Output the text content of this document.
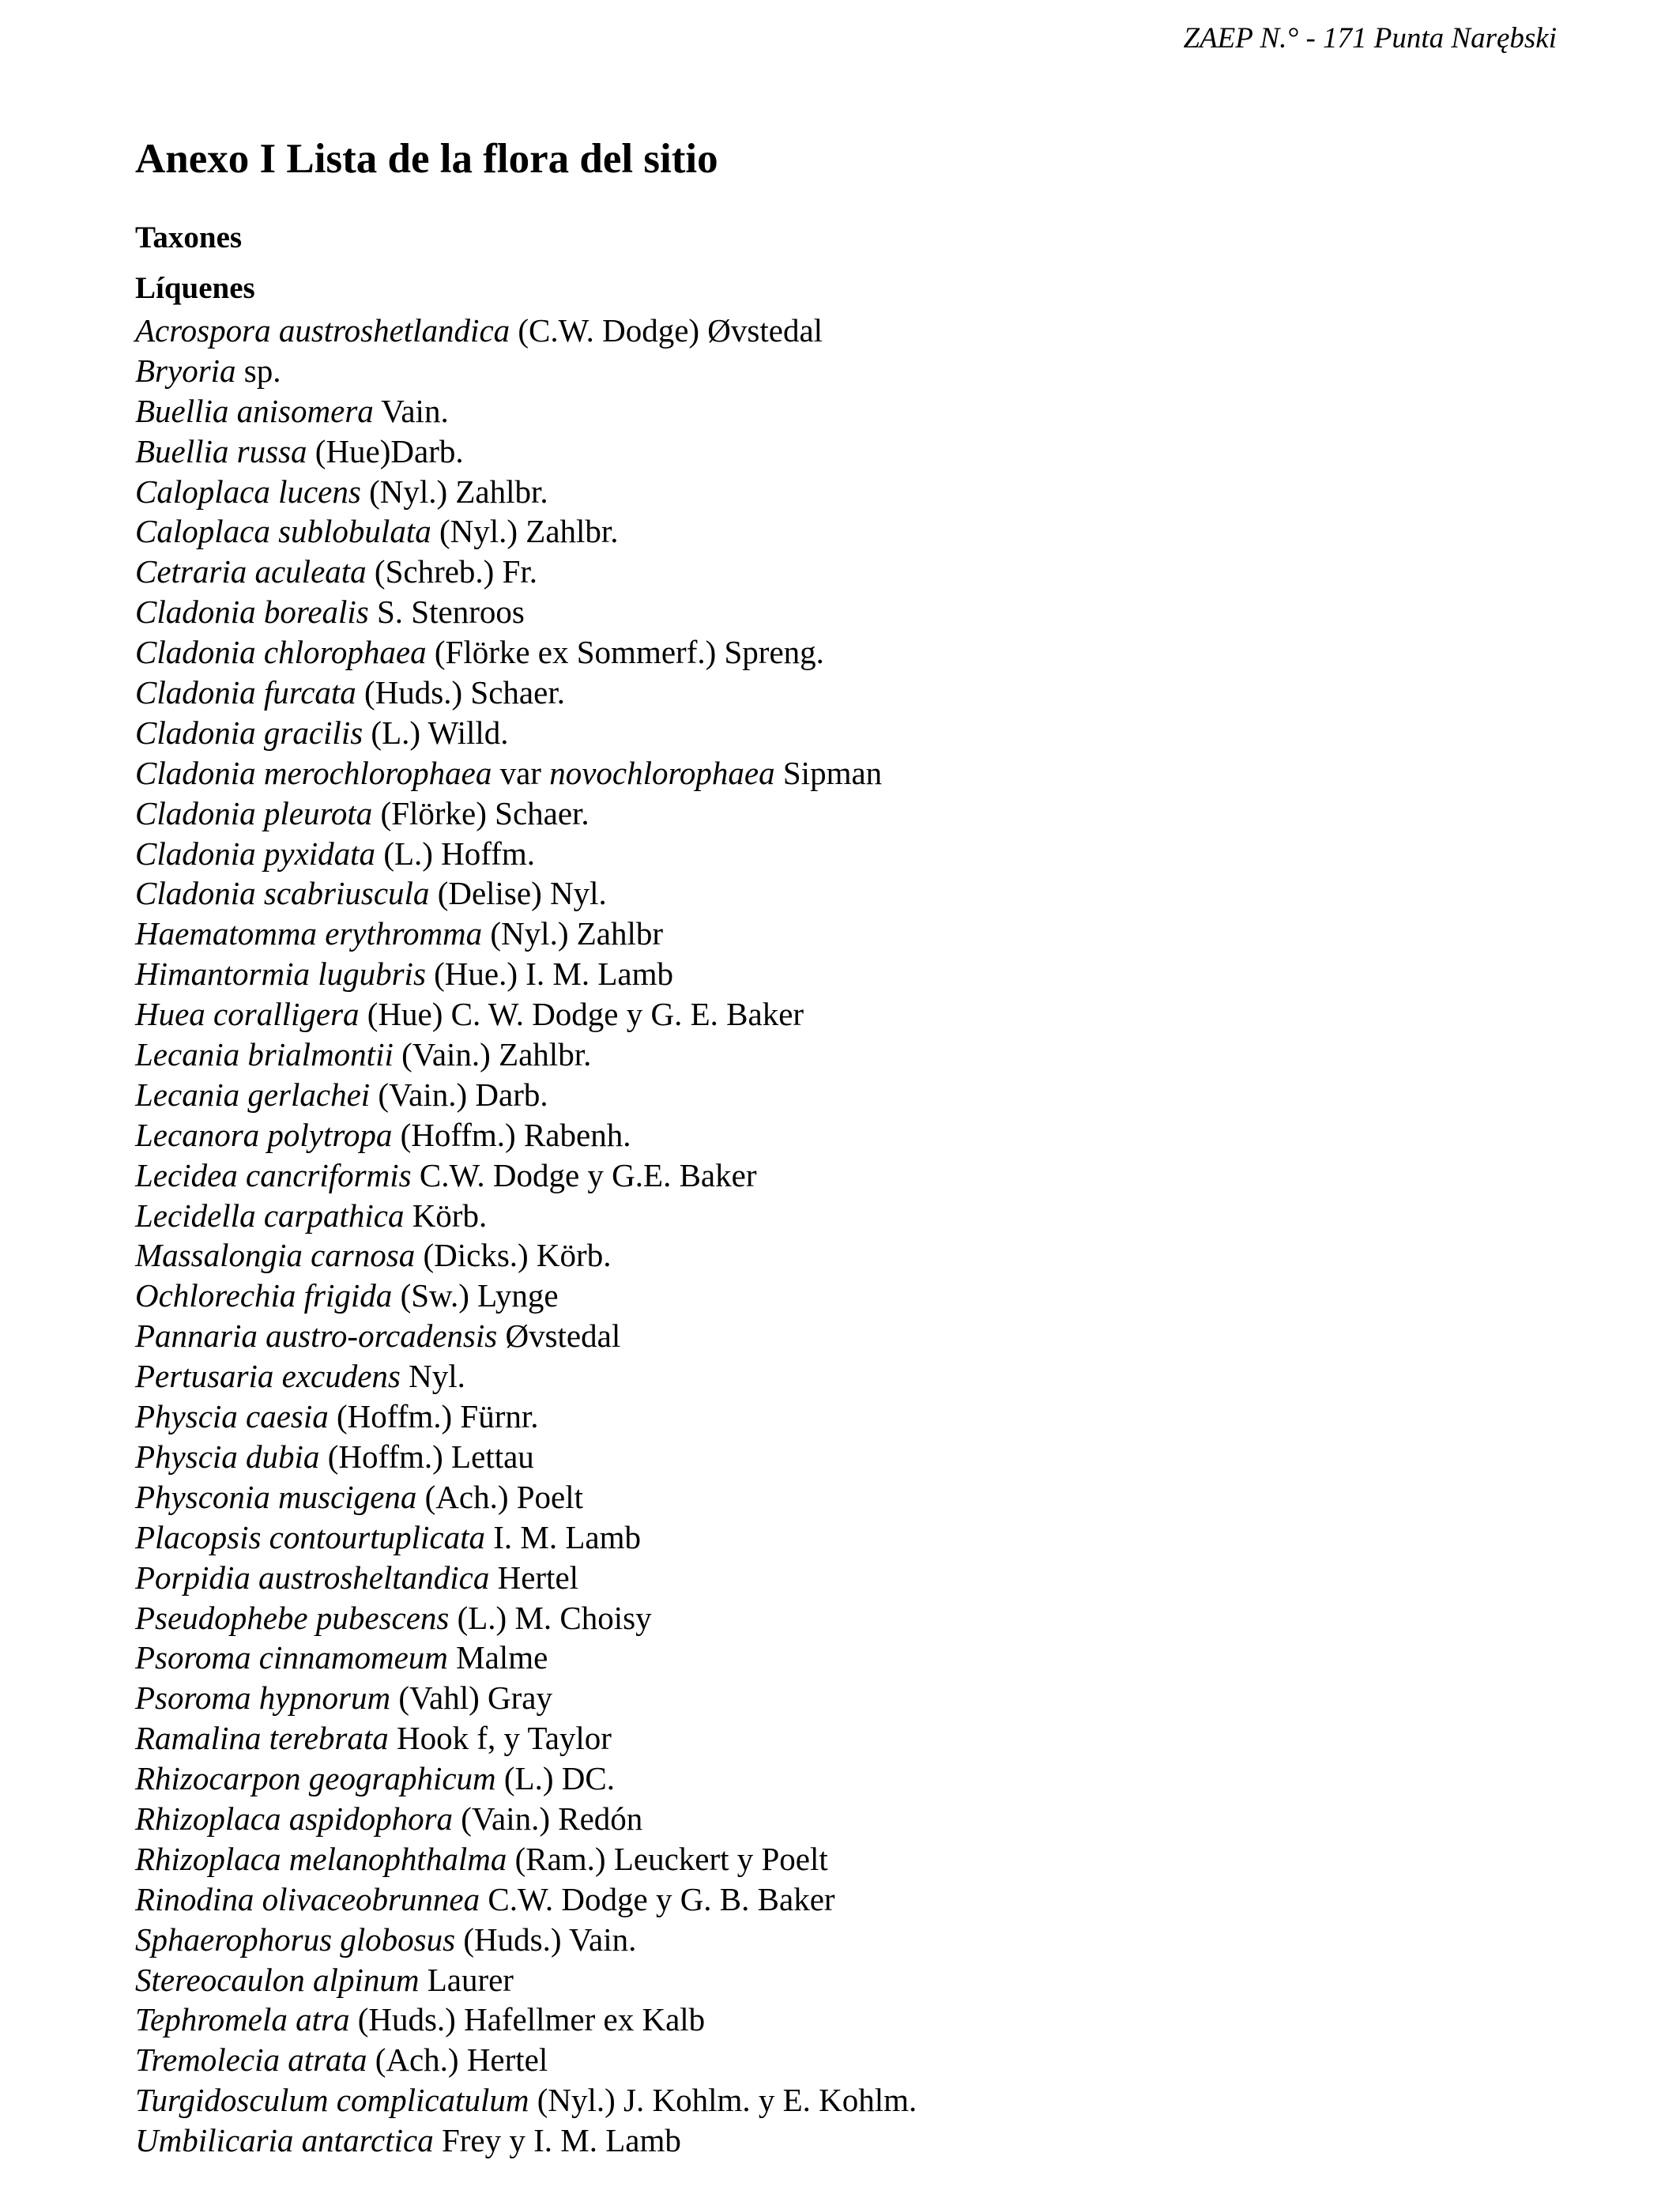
ZAEP N.° - 171 Punta Narębski
Anexo I Lista de la flora del sitio
Taxones
Líquenes
Acrospora austroshetlandica (C.W. Dodge) Øvstedal
Bryoria sp.
Buellia anisomera Vain.
Buellia russa (Hue)Darb.
Caloplaca lucens (Nyl.) Zahlbr.
Caloplaca sublobulata (Nyl.) Zahlbr.
Cetraria aculeata (Schreb.) Fr.
Cladonia borealis S. Stenroos
Cladonia chlorophaea (Flörke ex Sommerf.) Spreng.
Cladonia furcata (Huds.) Schaer.
Cladonia gracilis (L.) Willd.
Cladonia merochlorophaea var novochlorophaea Sipman
Cladonia pleurota (Flörke) Schaer.
Cladonia pyxidata (L.) Hoffm.
Cladonia scabriuscula (Delise) Nyl.
Haematomma erythromma (Nyl.) Zahlbr
Himantormia lugubris (Hue.) I. M. Lamb
Huea coralligera (Hue) C. W. Dodge y G. E. Baker
Lecania brialmontii (Vain.) Zahlbr.
Lecania gerlachei (Vain.) Darb.
Lecanora polytropa (Hoffm.) Rabenh.
Lecidea cancriformis C.W. Dodge y G.E. Baker
Lecidella carpathica Körb.
Massalongia carnosa (Dicks.) Körb.
Ochlorechia frigida (Sw.) Lynge
Pannaria austro-orcadensis Øvstedal
Pertusaria excudens Nyl.
Physcia caesia (Hoffm.) Fürnr.
Physcia dubia (Hoffm.) Lettau
Physconia muscigena (Ach.) Poelt
Placopsis contourtuplicata I. M. Lamb
Porpidia austrosheltandica Hertel
Pseudophebe pubescens (L.) M. Choisy
Psoroma cinnamomeum Malme
Psoroma hypnorum (Vahl) Gray
Ramalina terebrata Hook f, y Taylor
Rhizocarpon geographicum (L.) DC.
Rhizoplaca aspidophora (Vain.) Redón
Rhizoplaca melanophthalma (Ram.) Leuckert y Poelt
Rinodina olivaceobrunnea C.W. Dodge y G. B. Baker
Sphaerophorus globosus (Huds.) Vain.
Stereocaulon alpinum Laurer
Tephromela atra (Huds.) Hafellmer ex Kalb
Tremolecia atrata (Ach.) Hertel
Turgidosculum complicatulum (Nyl.) J. Kohlm. y E. Kohlm.
Umbilicaria antarctica Frey y I. M. Lamb
